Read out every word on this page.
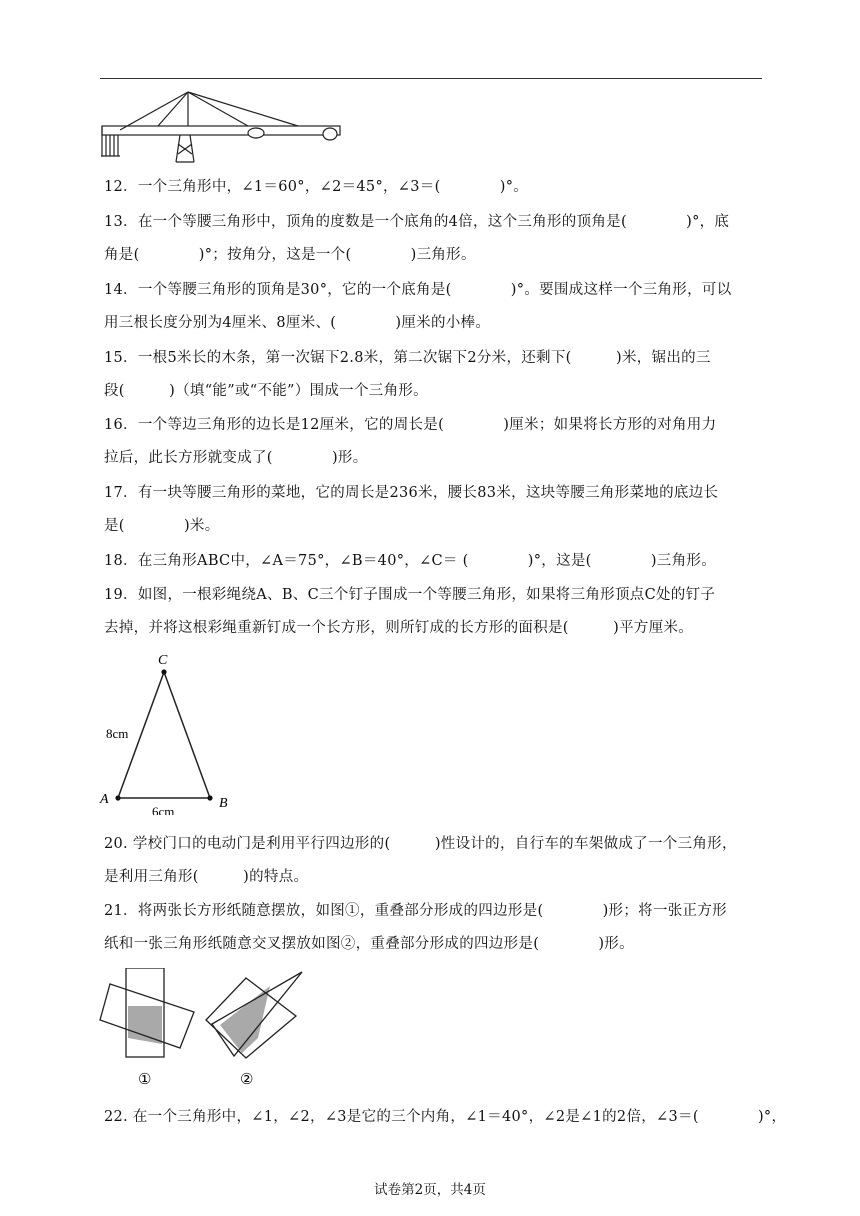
12．一个三角形中，∠1＝60°，∠2＝45°，∠3＝(　　　　)°。
13．在一个等腰三角形中，顶角的度数是一个底角的4倍，这个三角形的顶角是(　　　　)°，底
角是(　　　　)°；按角分，这是一个(　　　　)三角形。
14．一个等腰三角形的顶角是30°，它的一个底角是(　　　　)°。要围成这样一个三角形，可以
用三根长度分别为4厘米、8厘米、(　　　　)厘米的小棒。
15．一根5米长的木条，第一次锯下2.8米，第二次锯下2分米，还剩下(　　　)米，锯出的三
段(　　　)（填“能”或“不能”）围成一个三角形。
16．一个等边三角形的边长是12厘米，它的周长是(　　　　)厘米；如果将长方形的对角用力
拉后，此长方形就变成了(　　　　)形。
17．有一块等腰三角形的菜地，它的周长是236米，腰长83米，这块等腰三角形菜地的底边长
是(　　　　)米。
18．在三角形ABC中，∠A＝75°，∠B＝40°，∠C＝ (　　　　)°，这是(　　　　)三角形。
19．如图，一根彩绳绕A、B、C三个钉子围成一个等腰三角形，如果将三角形顶点C处的钉子
去掉，并将这根彩绳重新钉成一个长方形，则所钉成的长方形的面积是(　　　)平方厘米。
C
A	B
8cm
6cm
20. 学校门口的电动门是利用平行四边形的(　　　)性设计的，自行车的车架做成了一个三角形，
是利用三角形(　　　)的特点。
21．将两张长方形纸随意摆放，如图①，重叠部分形成的四边形是(　　　　)形；将一张正方形
纸和一张三角形纸随意交叉摆放如图②，重叠部分形成的四边形是(　　　　)形。
①	②
22. 在一个三角形中，∠1，∠2，∠3是它的三个内角，∠1＝40°，∠2是∠1的2倍，∠3＝(　　　　)°，
试卷第2页，共4页
